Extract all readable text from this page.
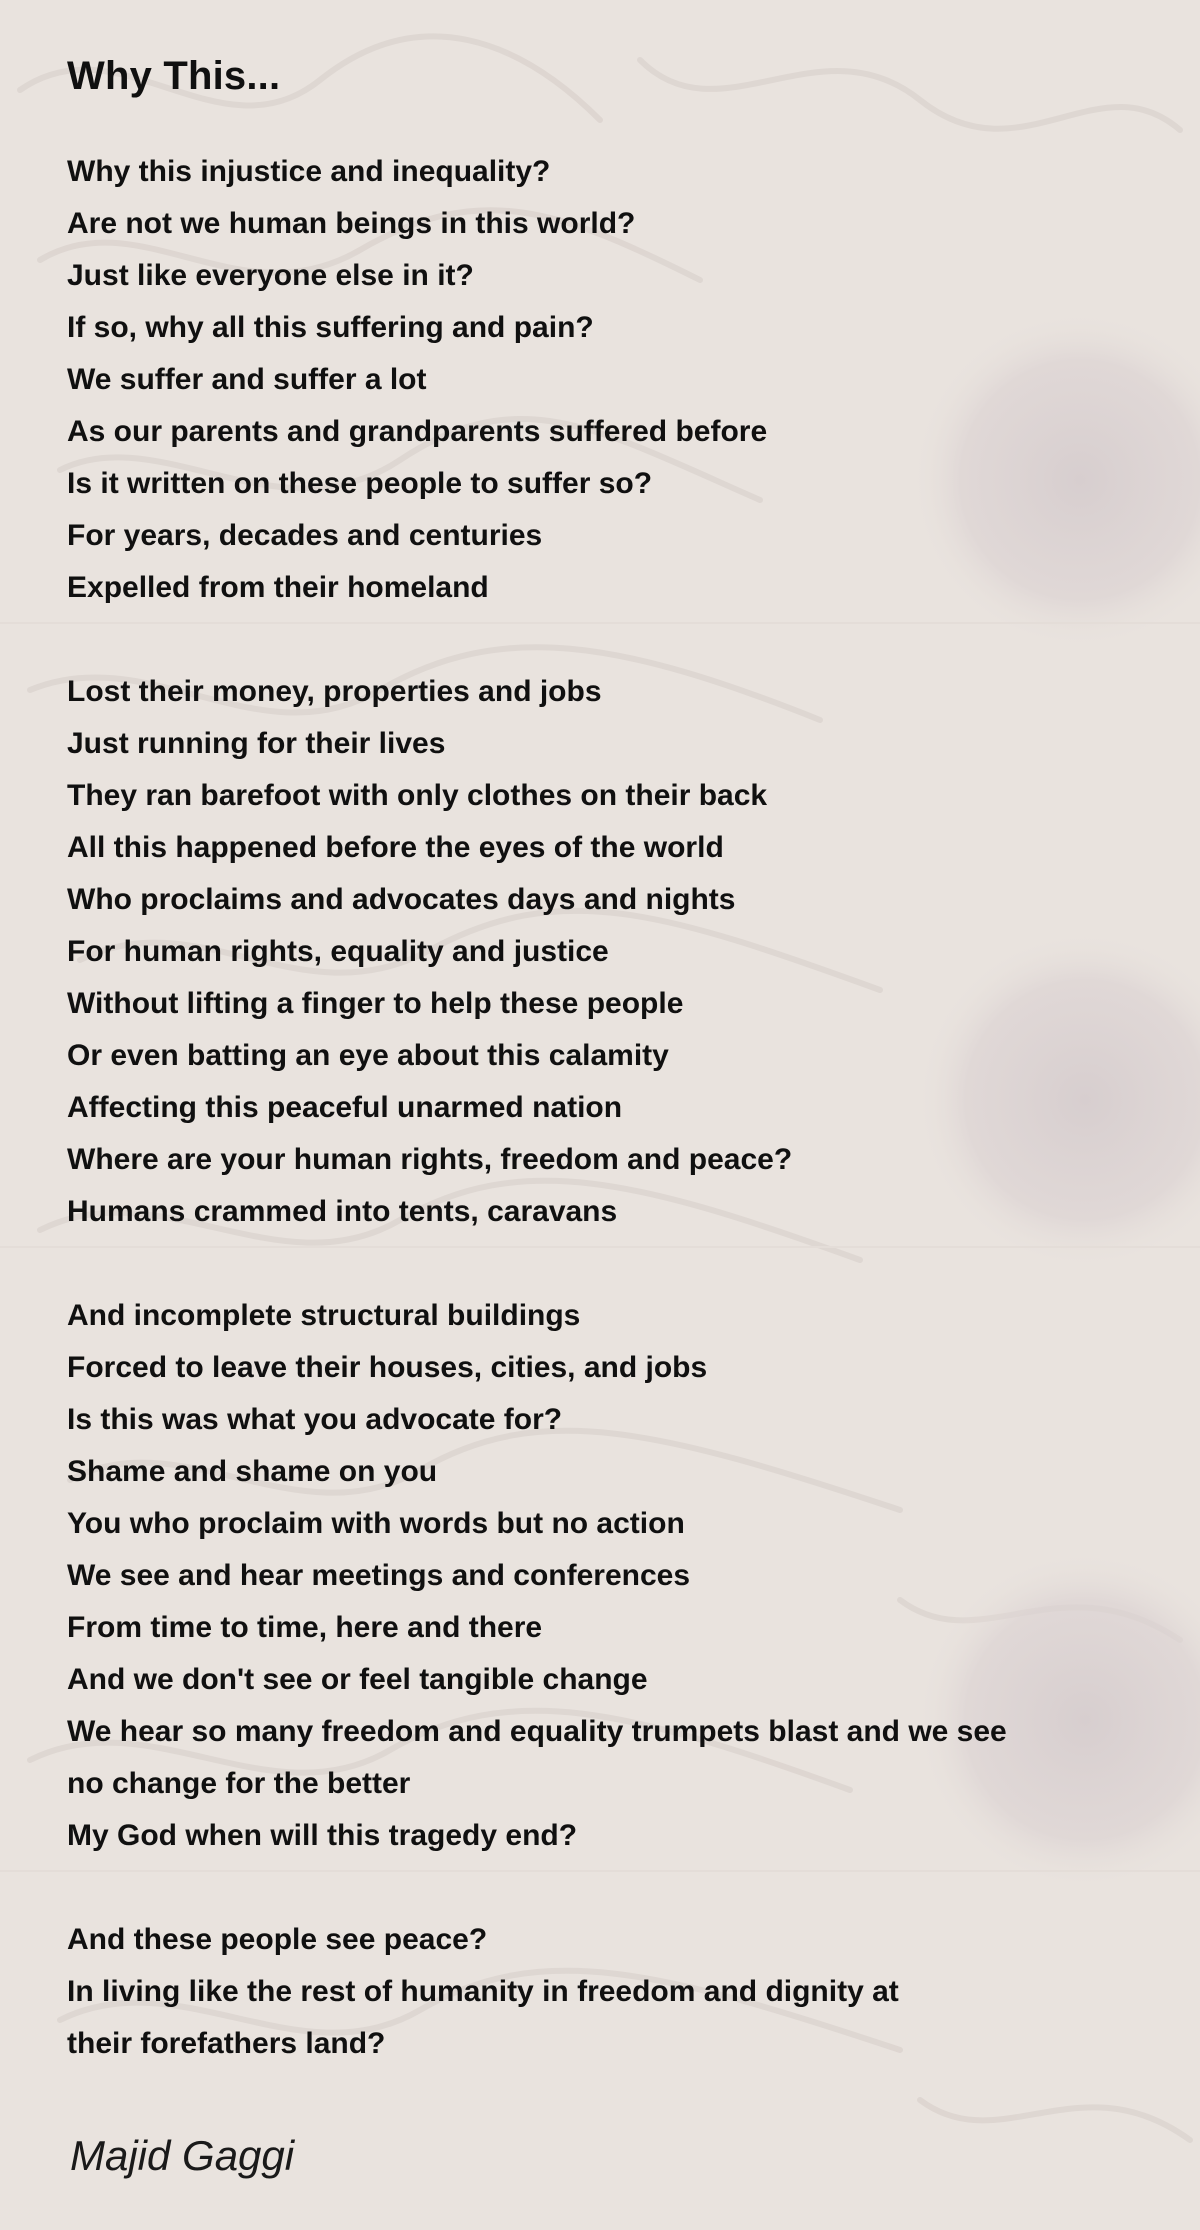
Why This...
Why this injustice and inequality?
Are not we human beings in this world?
Just like everyone else in it?
If so, why all this suffering and pain?
We suffer and suffer a lot
As our parents and grandparents suffered before
Is it written on these people to suffer so?
For years, decades and centuries
Expelled from their homeland
Lost their money, properties and jobs
Just running for their lives
They ran barefoot with only clothes on their back
All this happened before the eyes of the world
Who proclaims and advocates days and nights
For human rights, equality and justice
Without lifting a finger to help these people
Or even batting an eye about this calamity
Affecting this peaceful unarmed nation
Where are your human rights, freedom and peace?
Humans crammed into tents, caravans
And incomplete structural buildings
Forced to leave their houses, cities, and jobs
Is this was what you advocate for?
Shame and shame on you
You who proclaim with words but no action
We see and hear meetings and conferences
From time to time, here and there
And we don't see or feel tangible change
We hear so many freedom and equality trumpets blast and we see
no change for the better
My God when will this tragedy end?
And these people see peace?
In living like the rest of humanity in freedom and dignity at
their forefathers land?
Majid Gaggi
